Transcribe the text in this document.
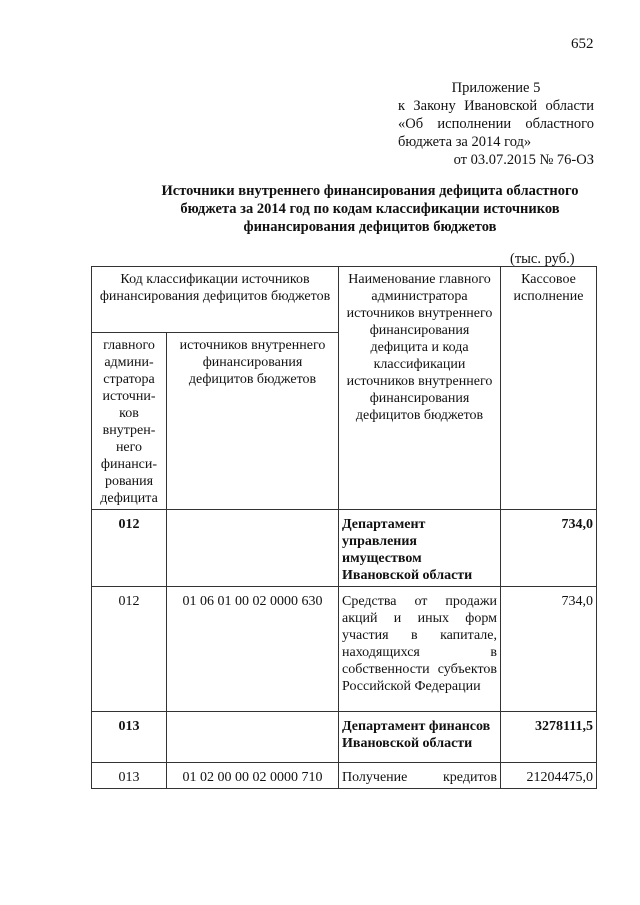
652
Приложение 5
к Закону Ивановской области
«Об исполнении областного
бюджета за 2014 год»
от 03.07.2015 № 76-ОЗ
Источники внутреннего финансирования дефицита областного
бюджета за 2014 год по кодам классификации источников
финансирования дефицитов бюджетов
(тыс. руб.)
Код классификации источников финансирования дефицитов бюджетов		Наименование главного администратора источников внутреннего финансирования дефицита и кода классификации источников внутреннего финансирования дефицитов бюджетов	Кассовое исполнение
главного админи-стратора источни-ков внутрен-него финанси-рования дефицита	источников внутреннего финансирования дефицитов бюджетов		
012		Департамент управления имуществом Ивановской области	734,0
012	01 06 01 00 02 0000 630	Средства от продажи акций и иных форм участия в капитале, находящихся в собственности субъектов Российской Федерации	734,0
013		Департамент финансов Ивановской области	3278111,5
013	01 02 00 00 02 0000 710	Получение кредитов	21204475,0
